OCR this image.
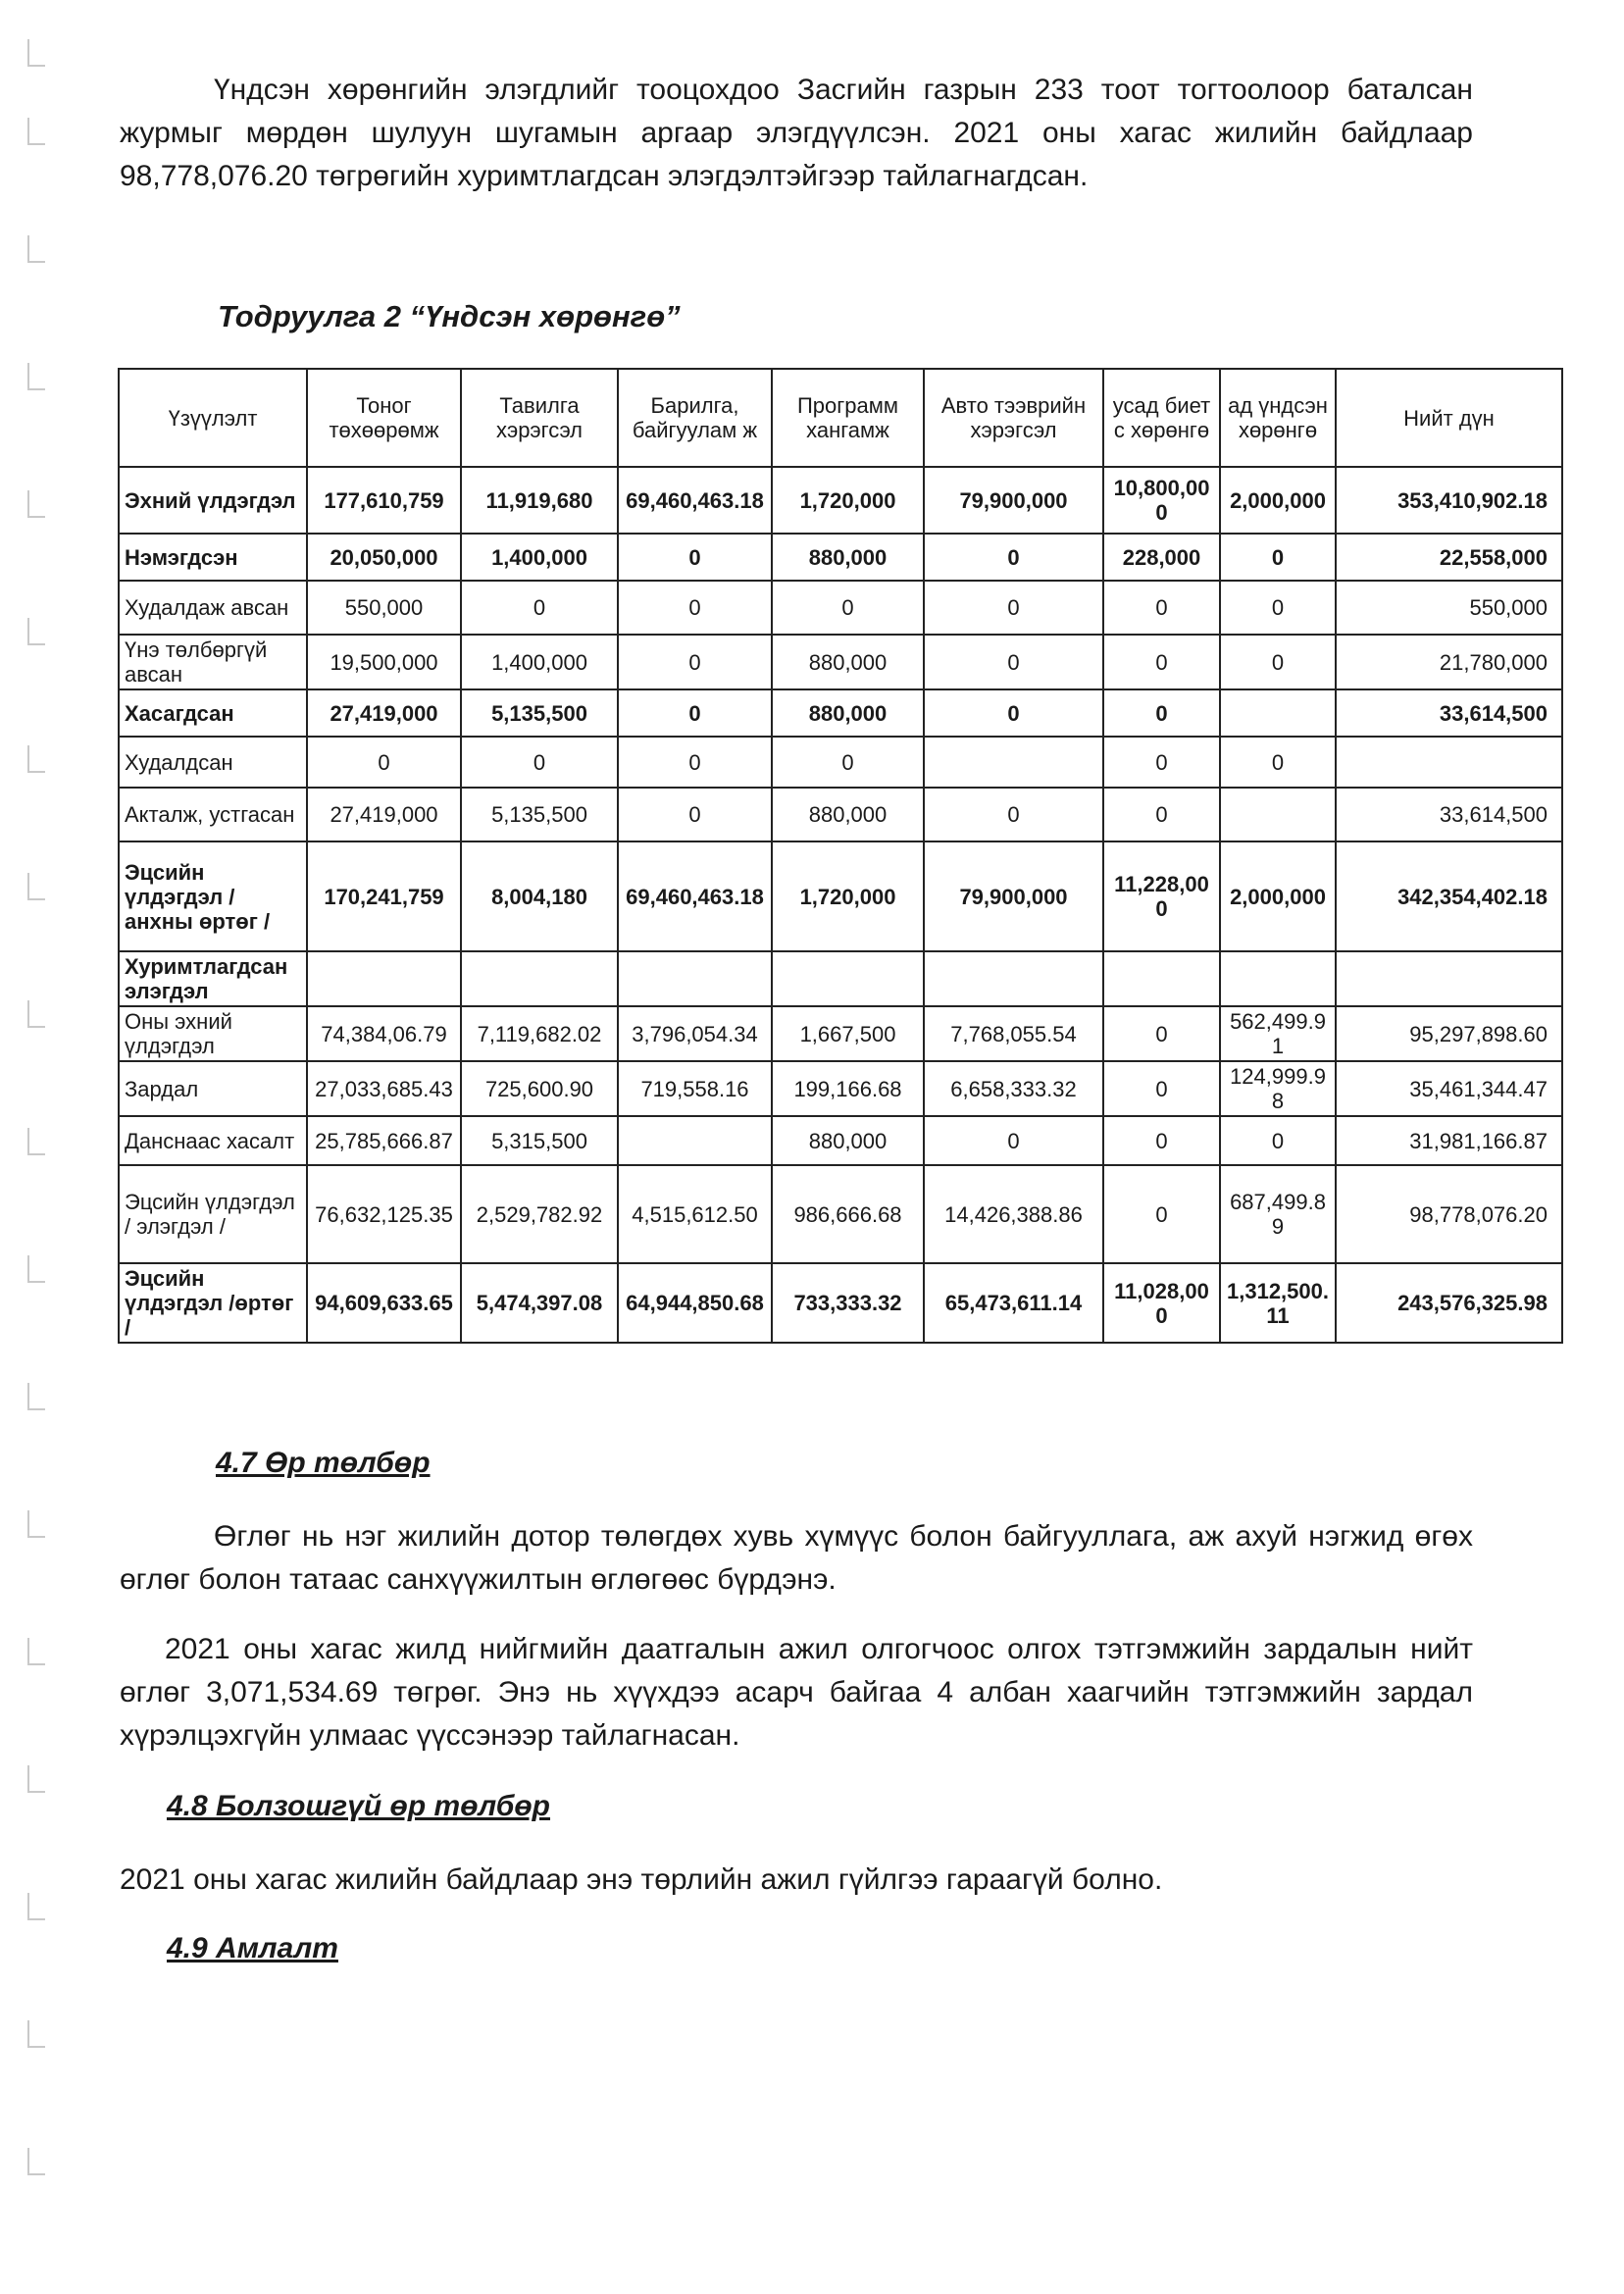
Үндсэн хөрөнгийн элэгдлийг тооцохдоо Засгийн газрын 233 тоот тогтоолоор баталсан журмыг мөрдөн шулуун шугамын аргаар элэгдүүлсэн. 2021 оны хагас жилийн байдлаар 98,778,076.20 төгрөгийн хуримтлагдсан элэгдэлтэйгээр тайлагнагдсан.

Тодруулга 2 “Үндсэн хөрөнгө”

Үзүүлэлт	Тоног төхөөрөмж	Тавилга хэрэгсэл	Барилга, байгуулам ж	Программ хангамж	Авто тээврийн хэрэгсэл	усад биет с хөрөнгө	ад үндсэн хөрөнгө	Нийт дүн
Эхний үлдэгдэл	177,610,759	11,919,680	69,460,463.18	1,720,000	79,900,000	10,800,000	2,000,000	353,410,902.18
Нэмэгдсэн	20,050,000	1,400,000	0	880,000	0	228,000	0	22,558,000
Худалдаж авсан	550,000	0	0	0	0	0	0	550,000
Үнэ төлбөргүй авсан	19,500,000	1,400,000	0	880,000	0	0	0	21,780,000
Хасагдсан	27,419,000	5,135,500	0	880,000	0	0		33,614,500
Худалдсан	0	0	0	0		0	0	
Акталж, устгасан	27,419,000	5,135,500	0	880,000	0	0		33,614,500
Эцсийн үлдэгдэл / анхны өртөг /	170,241,759	8,004,180	69,460,463.18	1,720,000	79,900,000	11,228,000	2,000,000	342,354,402.18
Хуримтлагдсан элэгдэл								
Оны эхний үлдэгдэл	74,384,06.79	7,119,682.02	3,796,054.34	1,667,500	7,768,055.54	0	562,499.91	95,297,898.60
Зардал	27,033,685.43	725,600.90	719,558.16	199,166.68	6,658,333.32	0	124,999.98	35,461,344.47
Данснаас хасалт	25,785,666.87	5,315,500		880,000	0	0	0	31,981,166.87
Эцсийн үлдэгдэл / элэгдэл /	76,632,125.35	2,529,782.92	4,515,612.50	986,666.68	14,426,388.86	0	687,499.89	98,778,076.20
Эцсийн үлдэгдэл /өртөг /	94,609,633.65	5,474,397.08	64,944,850.68	733,333.32	65,473,611.14	11,028,000	1,312,500.11	243,576,325.98

4.7 Өр төлбөр

Өглөг нь нэг жилийн дотор төлөгдөх хувь хүмүүс болон байгууллага, аж ахуй нэгжид өгөх өглөг болон татаас санхүүжилтын өглөгөөс бүрдэнэ.

2021 оны хагас жилд нийгмийн даатгалын ажил олгогчоос олгох тэтгэмжийн зардалын нийт өглөг 3,071,534.69 төгрөг. Энэ нь хүүхдээ асарч байгаа 4 албан хаагчийн тэтгэмжийн зардал хүрэлцэхгүйн улмаас үүссэнээр тайлагнасан.

4.8 Болзошгүй өр төлбөр

2021 оны хагас жилийн байдлаар энэ төрлийн ажил гүйлгээ гараагүй болно.

4.9 Амлалт
